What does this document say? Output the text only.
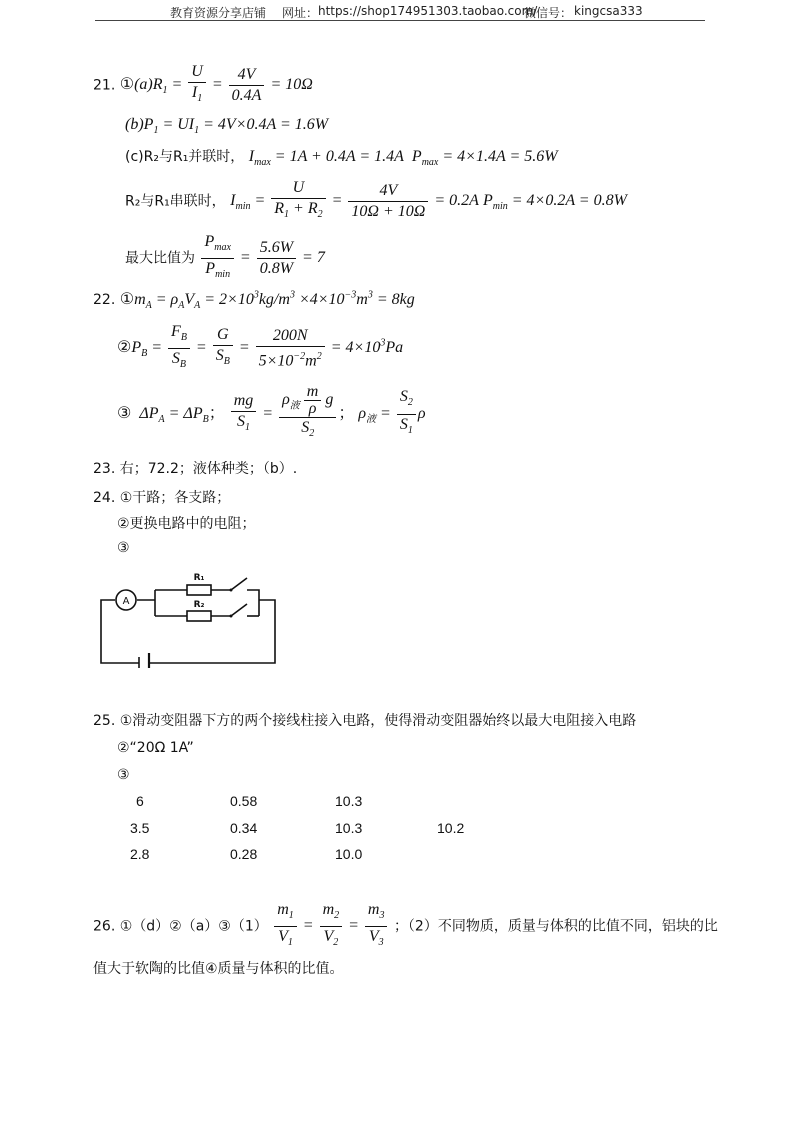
教育资源分享店铺 网址： https://shop174951303.taobao.com/
微信号： kingcsa333
21. $①(a)R_1 = \frac{U}{I_1} = \frac{4V}{0.4A} = 10\Omega$
$(b)P_1 = UI_1 = 4V\times 0.4A = 1.6W$
(c)R₂与R₁并联时， $I_{max} = 1A + 0.4A = 1.4A$  $P_{max} = 4\times 1.4A = 5.6W$
R₂与R₁串联时， $I_{min} = \frac{U}{R_1 + R_2} = \frac{4V}{10\Omega + 10\Omega} = 0.2A$ $P_{min} = 4\times 0.2A = 0.8W$
最大比值为 $\frac{P_{max}}{P_{min}} = \frac{5.6W}{0.8W} = 7$
22. $①m_A = \rho_AV_A = 2\times 10^3kg/m^3 \times 4\times 10^{-3}m^3 = 8kg$
$②P_B = \frac{F_B}{S_B} = \frac{G}{S_B} = \frac{200N}{5\times 10^{-2}m^2} = 4\times 10^3Pa$
③  $\Delta P_A = \Delta P_B$； $\frac{mg}{S_1} = \frac{\rho_液 \frac{m}{\rho} g}{S_2}$ ； $\rho_液 = \frac{S_2}{S_1}$ ρ
23. 右；72.2；液体种类；（b）.
24. ①干路；各支路；
②更换电路中的电阻；
③
A
R₁
R₂
25. ①滑动变阻器下方的两个接线柱接入电路，使得滑动变阻器始终以最大电阻接入电路
②“20Ω 1A”
③
6	0.58	10.3
3.5	0.34	10.3	10.2
2.8	0.28	10.0
26. ①（d）②（a）③（1） $\frac{m_1}{V_1} = \frac{m_2}{V_2} = \frac{m_3}{V_3}$ ；（2）不同物质，质量与体积的比值不同，铝块的比
值大于软陶的比值④质量与体积的比值。
